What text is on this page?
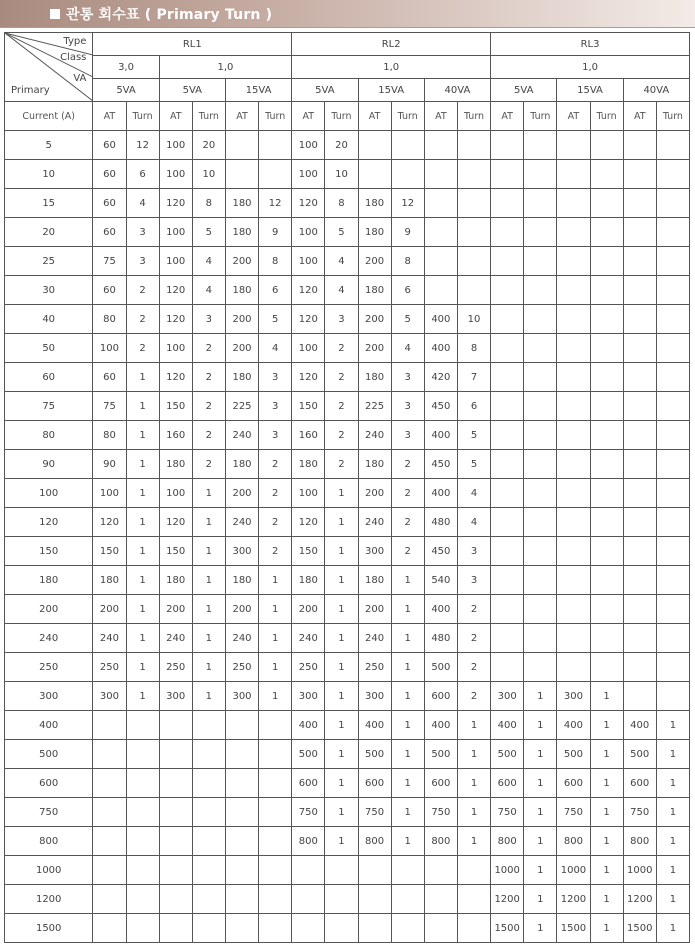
관통 회수표 ( Primary Turn )
Type
Class
VA
Primary	RL1						RL2						RL3					
	3,0		1,0				1,0						1,0					
	5VA		5VA		15VA		5VA		15VA		40VA		5VA		15VA		40VA	
Current (A)	AT	Turn	AT	Turn	AT	Turn	AT	Turn	AT	Turn	AT	Turn	AT	Turn	AT	Turn	AT	Turn
5	60	12	100	20			100	20										
10	60	6	100	10			100	10										
15	60	4	120	8	180	12	120	8	180	12								
20	60	3	100	5	180	9	100	5	180	9								
25	75	3	100	4	200	8	100	4	200	8								
30	60	2	120	4	180	6	120	4	180	6								
40	80	2	120	3	200	5	120	3	200	5	400	10						
50	100	2	100	2	200	4	100	2	200	4	400	8						
60	60	1	120	2	180	3	120	2	180	3	420	7						
75	75	1	150	2	225	3	150	2	225	3	450	6						
80	80	1	160	2	240	3	160	2	240	3	400	5						
90	90	1	180	2	180	2	180	2	180	2	450	5						
100	100	1	100	1	200	2	100	1	200	2	400	4						
120	120	1	120	1	240	2	120	1	240	2	480	4						
150	150	1	150	1	300	2	150	1	300	2	450	3						
180	180	1	180	1	180	1	180	1	180	1	540	3						
200	200	1	200	1	200	1	200	1	200	1	400	2						
240	240	1	240	1	240	1	240	1	240	1	480	2						
250	250	1	250	1	250	1	250	1	250	1	500	2						
300	300	1	300	1	300	1	300	1	300	1	600	2	300	1	300	1		
400							400	1	400	1	400	1	400	1	400	1	400	1
500							500	1	500	1	500	1	500	1	500	1	500	1
600							600	1	600	1	600	1	600	1	600	1	600	1
750							750	1	750	1	750	1	750	1	750	1	750	1
800							800	1	800	1	800	1	800	1	800	1	800	1
1000													1000	1	1000	1	1000	1
1200													1200	1	1200	1	1200	1
1500													1500	1	1500	1	1500	1
